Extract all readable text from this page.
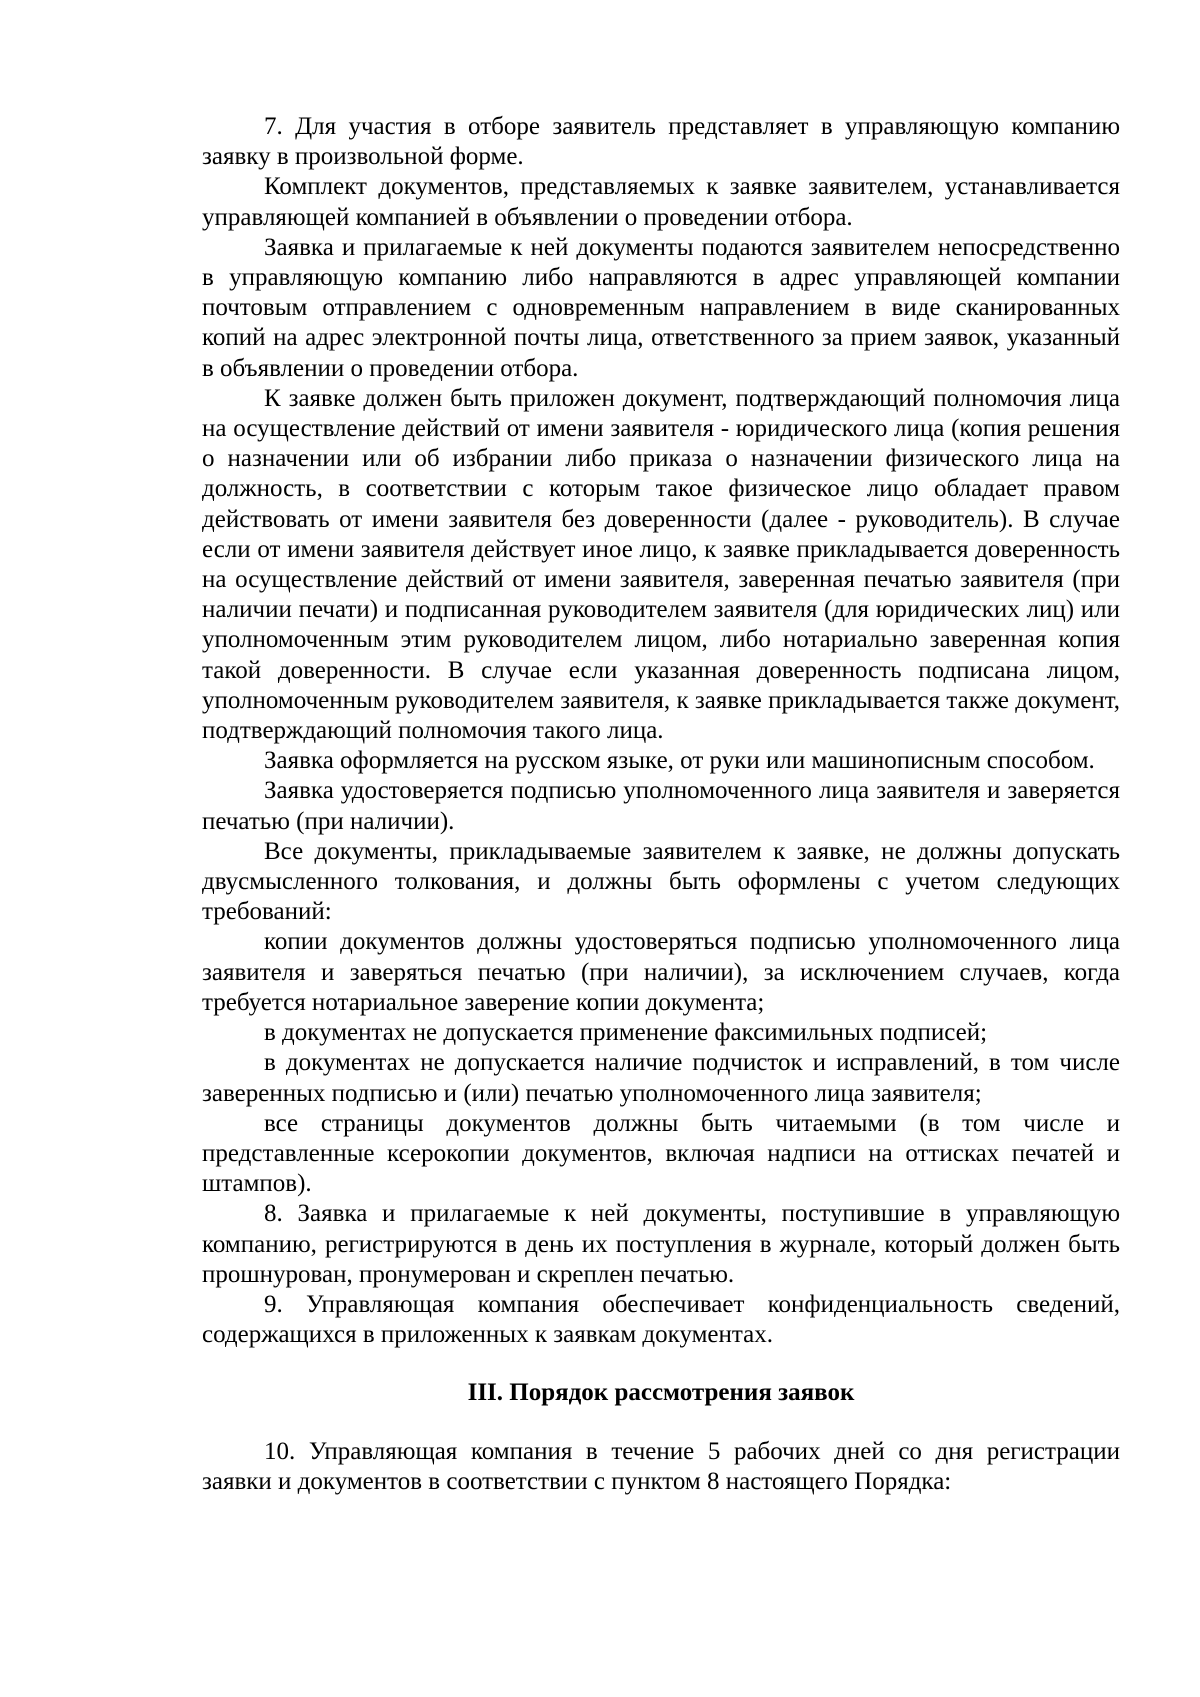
7. Для участия в отборе заявитель представляет в управляющую компанию заявку в произвольной форме.

Комплект документов, представляемых к заявке заявителем, устанавливается управляющей компанией в объявлении о проведении отбора.

Заявка и прилагаемые к ней документы подаются заявителем непосредственно в управляющую компанию либо направляются в адрес управляющей компании почтовым отправлением с одновременным направлением в виде сканированных копий на адрес электронной почты лица, ответственного за прием заявок, указанный в объявлении о проведении отбора.

К заявке должен быть приложен документ, подтверждающий полномочия лица на осуществление действий от имени заявителя - юридического лица (копия решения о назначении или об избрании либо приказа о назначении физического лица на должность, в соответствии с которым такое физическое лицо обладает правом действовать от имени заявителя без доверенности (далее - руководитель). В случае если от имени заявителя действует иное лицо, к заявке прикладывается доверенность на осуществление действий от имени заявителя, заверенная печатью заявителя (при наличии печати) и подписанная руководителем заявителя (для юридических лиц) или уполномоченным этим руководителем лицом, либо нотариально заверенная копия такой доверенности. В случае если указанная доверенность подписана лицом, уполномоченным руководителем заявителя, к заявке прикладывается также документ, подтверждающий полномочия такого лица.

Заявка оформляется на русском языке, от руки или машинописным способом.

Заявка удостоверяется подписью уполномоченного лица заявителя и заверяется печатью (при наличии).

Все документы, прикладываемые заявителем к заявке, не должны допускать двусмысленного толкования, и должны быть оформлены с учетом следующих требований:

копии документов должны удостоверяться подписью уполномоченного лица заявителя и заверяться печатью (при наличии), за исключением случаев, когда требуется нотариальное заверение копии документа;

в документах не допускается применение факсимильных подписей;

в документах не допускается наличие подчисток и исправлений, в том числе заверенных подписью и (или) печатью уполномоченного лица заявителя;

все страницы документов должны быть читаемыми (в том числе и представленные ксерокопии документов, включая надписи на оттисках печатей и штампов).

8. Заявка и прилагаемые к ней документы, поступившие в управляющую компанию, регистрируются в день их поступления в журнале, который должен быть прошнурован, пронумерован и скреплен печатью.

9. Управляющая компания обеспечивает конфиденциальность сведений, содержащихся в приложенных к заявкам документах.

III. Порядок рассмотрения заявок

10. Управляющая компания в течение 5 рабочих дней со дня регистрации заявки и документов в соответствии с пунктом 8 настоящего Порядка:
